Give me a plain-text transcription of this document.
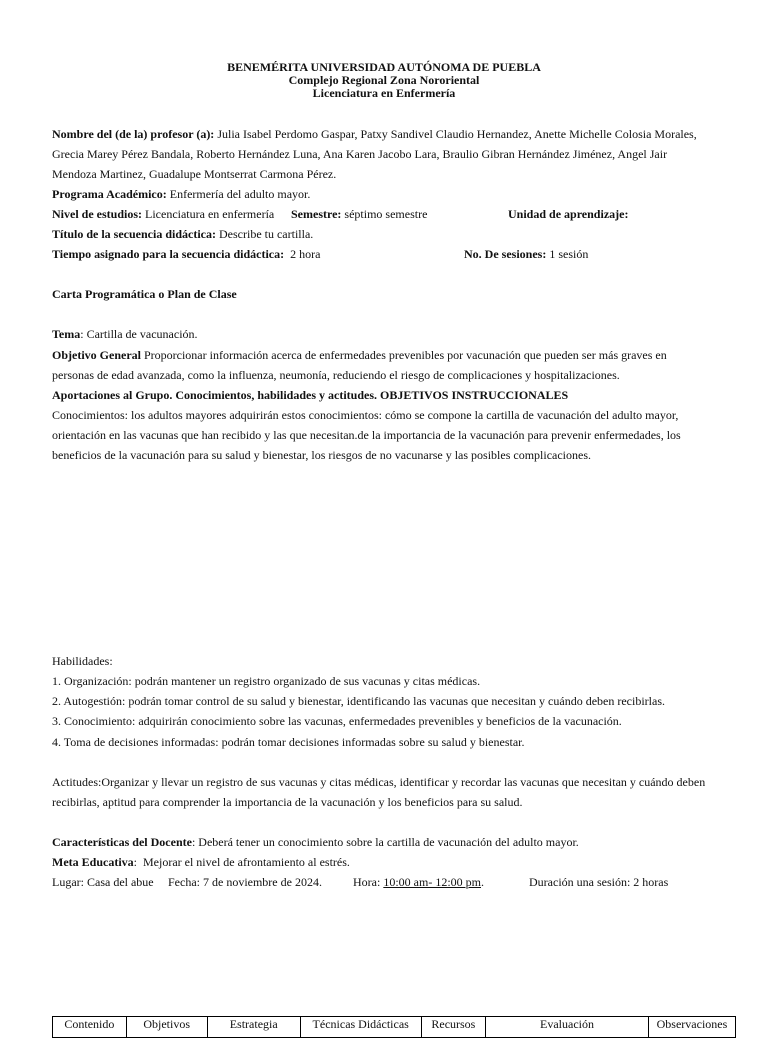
BENEMÉRITA UNIVERSIDAD AUTÓNOMA DE PUEBLA
Complejo Regional Zona Nororiental
Licenciatura en Enfermería
Nombre del (de la) profesor (a): Julia Isabel Perdomo Gaspar, Patxy Sandivel Claudio Hernandez, Anette Michelle Colosia Morales, Grecia Marey Pérez Bandala, Roberto Hernández Luna, Ana Karen Jacobo Lara, Braulio Gibran Hernández Jiménez, Angel Jair Mendoza Martinez, Guadalupe Montserrat Carmona Pérez.
Programa Académico: Enfermería del adulto mayor.
Nivel de estudios: Licenciatura en enfermería Semestre: séptimo semestre	Unidad de aprendizaje:
Título de la secuencia didáctica: Describe tu cartilla.
Tiempo asignado para la secuencia didáctica:  2 hora	No. De sesiones: 1 sesión
Carta Programática o Plan de Clase
Tema: Cartilla de vacunación.
Objetivo General Proporcionar información acerca de enfermedades prevenibles por vacunación que pueden ser más graves en personas de edad avanzada, como la influenza, neumonía, reduciendo el riesgo de complicaciones y hospitalizaciones.
Aportaciones al Grupo. Conocimientos, habilidades y actitudes. OBJETIVOS INSTRUCCIONALES
Conocimientos: los adultos mayores adquirirán estos conocimientos: cómo se compone la cartilla de vacunación del adulto mayor, orientación en las vacunas que han recibido y las que necesitan.de la importancia de la vacunación para prevenir enfermedades, los beneficios de la vacunación para su salud y bienestar, los riesgos de no vacunarse y las posibles complicaciones.
Habilidades:
1. Organización: podrán mantener un registro organizado de sus vacunas y citas médicas.
2. Autogestión: podrán tomar control de su salud y bienestar, identificando las vacunas que necesitan y cuándo deben recibirlas.
3. Conocimiento: adquirirán conocimiento sobre las vacunas, enfermedades prevenibles y beneficios de la vacunación.
4. Toma de decisiones informadas: podrán tomar decisiones informadas sobre su salud y bienestar.
Actitudes:Organizar y llevar un registro de sus vacunas y citas médicas, identificar y recordar las vacunas que necesitan y cuándo deben recibirlas, aptitud para comprender la importancia de la vacunación y los beneficios para su salud.
Características del Docente: Deberá tener un conocimiento sobre la cartilla de vacunación del adulto mayor.
Meta Educativa:  Mejorar el nivel de afrontamiento al estrés.
Lugar: Casa del abue Fecha: 7 de noviembre de 2024.	Hora: 10:00 am- 12:00 pm.	Duración una sesión: 2 horas
Contenido	Objetivos	Estrategia	Técnicas Didácticas	Recursos	Evaluación	Observaciones
